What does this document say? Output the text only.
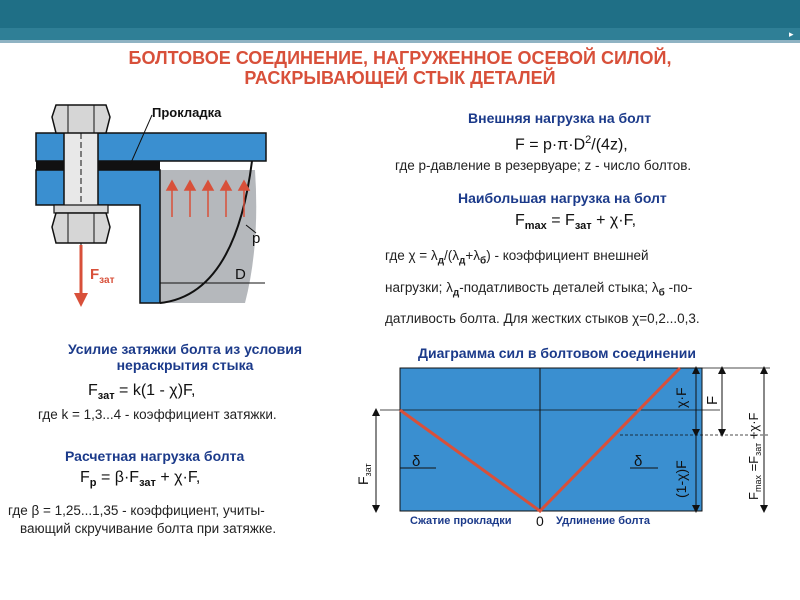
▸
БОЛТОВОЕ СОЕДИНЕНИЕ, НАГРУЖЕННОЕ ОСЕВОЙ СИЛОЙ,
РАСКРЫВАЮЩЕЙ СТЫК ДЕТАЛЕЙ
Прокладка
p
D
$F_{зат}$
Внешняя нагрузка на болт
$F = p\cdot\pi\cdot D^2/(4z)$,
где p-давление в резервуаре; z - число болтов.
Наибольшая нагрузка на болт
$F_{max} = F_{зат} + \chi\cdot F$,
где $\chi = \lambda_д/(\lambda_д+\lambda_б)$ - коэффициент внешней
нагрузки; $\lambda_д$-податливость деталей стыка; $\lambda_б$ -по-
датливость болта. Для жестких стыков χ=0,2...0,3.
Усилие затяжки болта из условия
нераскрытия стыка
$F_{зат} = k(1 - \chi)F$,
где k = 1,3...4 - коэффициент затяжки.
Расчетная нагрузка болта
$F_p = \beta\cdot F_{зат} + \chi\cdot F$,
где β = 1,25...1,35 - коэффициент, учиты-
вающий скручивание болта при затяжке.
Диаграмма сил в болтовом соединении
δ	δ
$F_{зат}$
χ·F F
(1-χ)F	$F_{max} =F_{зат} +\chi\cdot F$
Сжатие прокладки 0 Удлинение болта
